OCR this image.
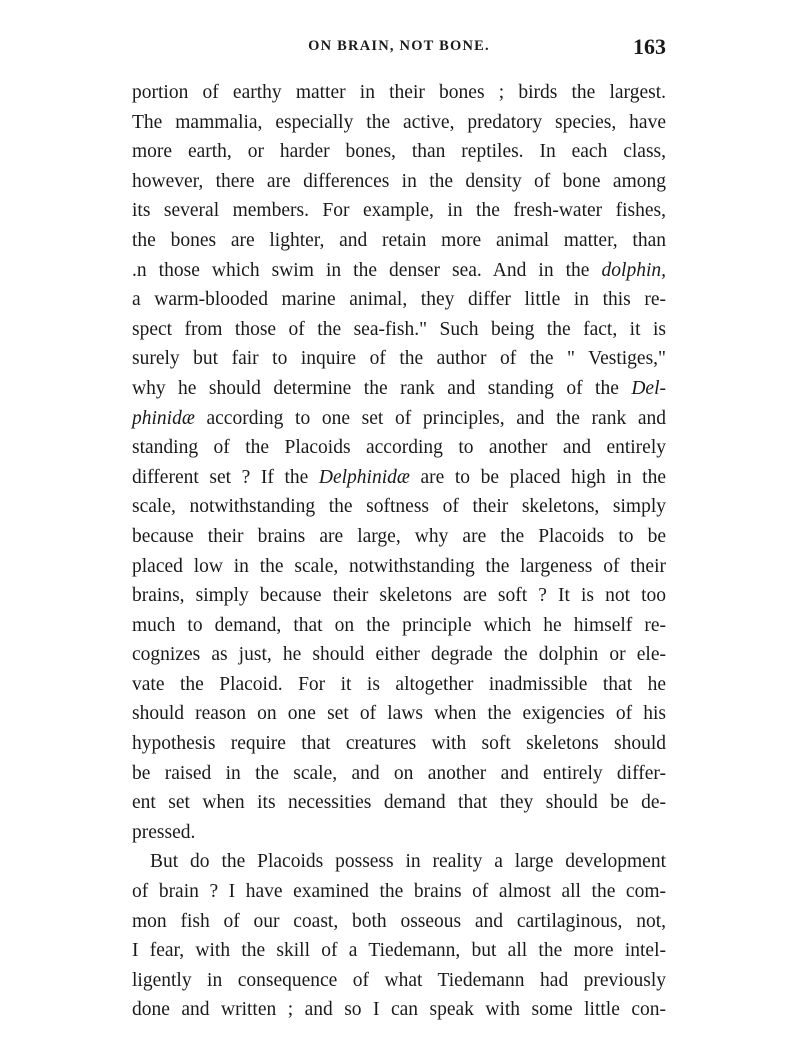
ON BRAIN, NOT BONE.	163
portion of earthy matter in their bones ; birds the largest.
The mammalia, especially the active, predatory species, have
more earth, or harder bones, than reptiles. In each class,
however, there are differences in the density of bone among
its several members. For example, in the fresh-water fishes,
the bones are lighter, and retain more animal matter, than
.n those which swim in the denser sea. And in the dolphin,
a warm-blooded marine animal, they differ little in this re-
spect from those of the sea-fish." Such being the fact, it is
surely but fair to inquire of the author of the " Vestiges,"
why he should determine the rank and standing of the Del-
phinidæ according to one set of principles, and the rank and
standing of the Placoids according to another and entirely
different set ? If the Delphinidæ are to be placed high in the
scale, notwithstanding the softness of their skeletons, simply
because their brains are large, why are the Placoids to be
placed low in the scale, notwithstanding the largeness of their
brains, simply because their skeletons are soft ? It is not too
much to demand, that on the principle which he himself re-
cognizes as just, he should either degrade the dolphin or ele-
vate the Placoid. For it is altogether inadmissible that he
should reason on one set of laws when the exigencies of his
hypothesis require that creatures with soft skeletons should
be raised in the scale, and on another and entirely differ-
ent set when its necessities demand that they should be de-
pressed.
But do the Placoids possess in reality a large development
of brain ? I have examined the brains of almost all the com-
mon fish of our coast, both osseous and cartilaginous, not,
I fear, with the skill of a Tiedemann, but all the more intel-
ligently in consequence of what Tiedemann had previously
done and written ; and so I can speak with some little con-
